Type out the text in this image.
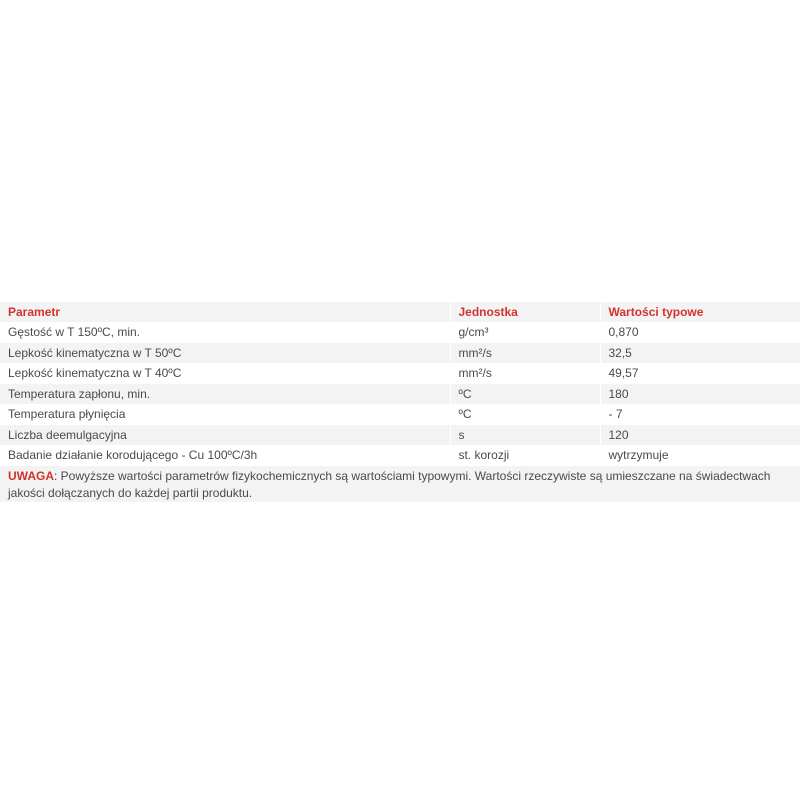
Parametr	Jednostka	Wartości typowe
Gęstość w T 150ºC, min.	g/cm³	0,870
Lepkość kinematyczna w T 50ºC	mm²/s	32,5
Lepkość kinematyczna w T 40ºC	mm²/s	49,57
Temperatura zapłonu, min.	ºC	180
Temperatura płynięcia	ºC	- 7
Liczba deemulgacyjna	s	120
Badanie działanie korodującego - Cu 100ºC/3h	st. korozji	wytrzymuje
UWAGA: Powyższe wartości parametrów fizykochemicznych są wartościami typowymi. Wartości rzeczywiste są umieszczane na świadectwach jakości dołączanych do każdej partii produktu.
